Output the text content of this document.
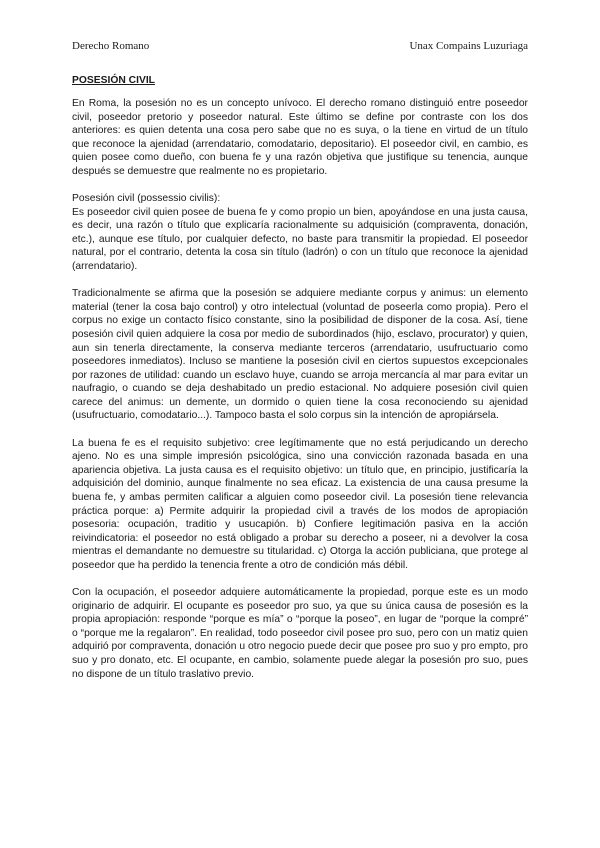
Derecho Romano	Unax Compains Luzuriaga
POSESIÓN CIVIL

En Roma, la posesión no es un concepto unívoco. El derecho romano distinguió entre poseedor civil, poseedor pretorio y poseedor natural. Este último se define por contraste con los dos anteriores: es quien detenta una cosa pero sabe que no es suya, o la tiene en virtud de un título que reconoce la ajenidad (arrendatario, comodatario, depositario). El poseedor civil, en cambio, es quien posee como dueño, con buena fe y una razón objetiva que justifique su tenencia, aunque después se demuestre que realmente no es propietario.

Posesión civil (possessio civilis):
Es poseedor civil quien posee de buena fe y como propio un bien, apoyándose en una justa causa, es decir, una razón o título que explicaría racionalmente su adquisición (compraventa, donación, etc.), aunque ese título, por cualquier defecto, no baste para transmitir la propiedad. El poseedor natural, por el contrario, detenta la cosa sin título (ladrón) o con un título que reconoce la ajenidad (arrendatario).

Tradicionalmente se afirma que la posesión se adquiere mediante corpus y animus: un elemento material (tener la cosa bajo control) y otro intelectual (voluntad de poseerla como propia). Pero el corpus no exige un contacto físico constante, sino la posibilidad de disponer de la cosa. Así, tiene posesión civil quien adquiere la cosa por medio de subordinados (hijo, esclavo, procurator) y quien, aun sin tenerla directamente, la conserva mediante terceros (arrendatario, usufructuario como poseedores inmediatos). Incluso se mantiene la posesión civil en ciertos supuestos excepcionales por razones de utilidad: cuando un esclavo huye, cuando se arroja mercancía al mar para evitar un naufragio, o cuando se deja deshabitado un predio estacional. No adquiere posesión civil quien carece del animus: un demente, un dormido o quien tiene la cosa reconociendo su ajenidad (usufructuario, comodatario...). Tampoco basta el solo corpus sin la intención de apropiársela.

La buena fe es el requisito subjetivo: cree legítimamente que no está perjudicando un derecho ajeno. No es una simple impresión psicológica, sino una convicción razonada basada en una apariencia objetiva. La justa causa es el requisito objetivo: un título que, en principio, justificaría la adquisición del dominio, aunque finalmente no sea eficaz. La existencia de una causa presume la buena fe, y ambas permiten calificar a alguien como poseedor civil. La posesión tiene relevancia práctica porque: a) Permite adquirir la propiedad civil a través de los modos de apropiación posesoria: ocupación, traditio y usucapión. b) Confiere legitimación pasiva en la acción reivindicatoria: el poseedor no está obligado a probar su derecho a poseer, ni a devolver la cosa mientras el demandante no demuestre su titularidad. c) Otorga la acción publiciana, que protege al poseedor que ha perdido la tenencia frente a otro de condición más débil.

Con la ocupación, el poseedor adquiere automáticamente la propiedad, porque este es un modo originario de adquirir. El ocupante es poseedor pro suo, ya que su única causa de posesión es la propia apropiación: responde “porque es mía” o “porque la poseo”, en lugar de “porque la compré” o “porque me la regalaron”. En realidad, todo poseedor civil posee pro suo, pero con un matiz quien adquirió por compraventa, donación u otro negocio puede decir que posee pro suo y pro empto, pro suo y pro donato, etc. El ocupante, en cambio, solamente puede alegar la posesión pro suo, pues no dispone de un título traslativo previo.
